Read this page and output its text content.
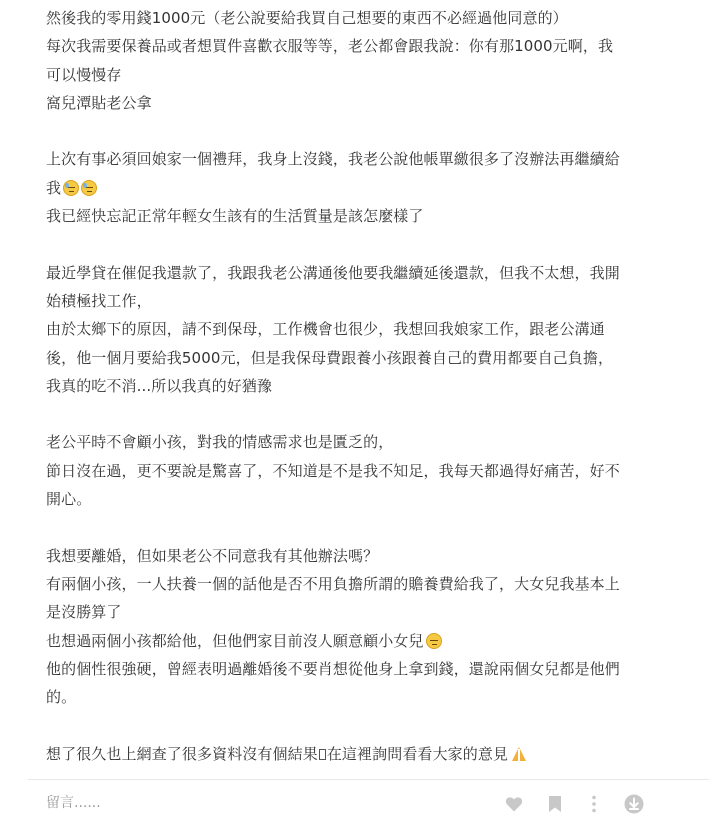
然後我的零用錢1000元（老公說要給我買自己想要的東西不必經過他同意的）
每次我需要保養品或者想買件喜歡衣服等等，老公都會跟我說：你有那1000元啊，我
可以慢慢存
窩兒潭貼老公拿
上次有事必須回娘家一個禮拜，我身上沒錢，我老公說他帳單繳很多了沒辦法再繼續給
我
我已經快忘記正常年輕女生該有的生活質量是該怎麼樣了
最近學貸在催促我還款了，我跟我老公溝通後他要我繼續延後還款，但我不太想，我開
始積極找工作，
由於太鄉下的原因，請不到保母，工作機會也很少，我想回我娘家工作，跟老公溝通
後，他一個月要給我5000元，但是我保母費跟養小孩跟養自己的費用都要自己負擔，
我真的吃不消...所以我真的好猶豫
老公平時不會顧小孩，對我的情感需求也是匱乏的，
節日沒在過，更不要說是驚喜了，不知道是不是我不知足，我每天都過得好痛苦，好不
開心。
我想要離婚，但如果老公不同意我有其他辦法嗎？
有兩個小孩，一人扶養一個的話他是否不用負擔所謂的贍養費給我了，大女兒我基本上
是沒勝算了
也想過兩個小孩都給他，但他們家目前沒人願意顧小女兒
他的個性很強硬，曾經表明過離婚後不要肖想從他身上拿到錢，還說兩個女兒都是他們
的。
想了很久也上網查了很多資料沒有個結果 在這裡詢問看看大家的意見
留言......
